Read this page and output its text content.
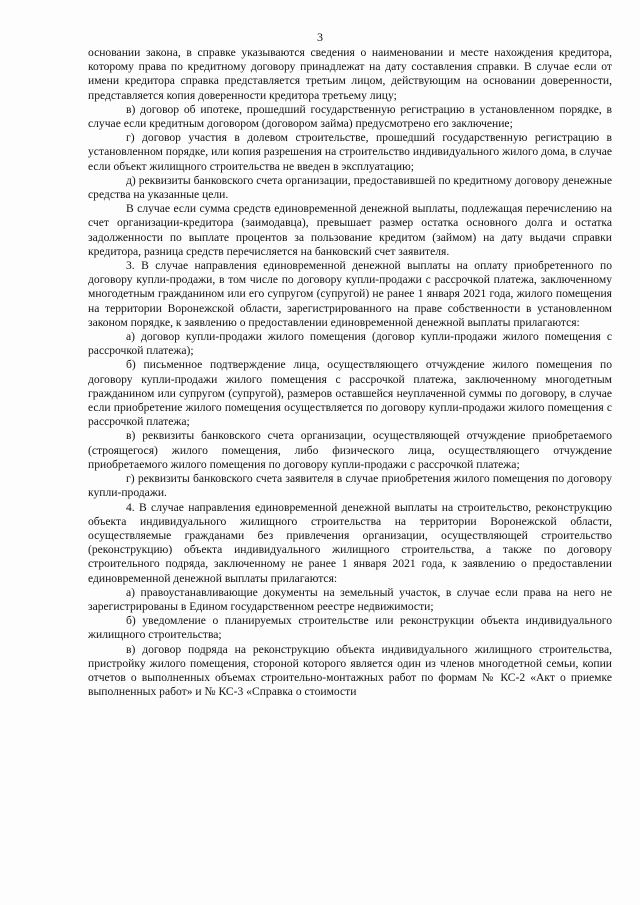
3

основании закона, в справке указываются сведения о наименовании и месте нахождения кредитора, которому права по кредитному договору принадлежат на дату составления справки. В случае если от имени кредитора справка представляется третьим лицом, действующим на основании доверенности, представляется копия доверенности кредитора третьему лицу;

в) договор об ипотеке, прошедший государственную регистрацию в установленном порядке, в случае если кредитным договором (договором займа) предусмотрено его заключение;

г) договор участия в долевом строительстве, прошедший государственную регистрацию в установленном порядке, или копия разрешения на строительство индивидуального жилого дома, в случае если объект жилищного строительства не введен в эксплуатацию;

д) реквизиты банковского счета организации, предоставившей по кредитному договору денежные средства на указанные цели.

В случае если сумма средств единовременной денежной выплаты, подлежащая перечислению на счет организации-кредитора (заимодавца), превышает размер остатка основного долга и остатка задолженности по выплате процентов за пользование кредитом (займом) на дату выдачи справки кредитора, разница средств перечисляется на банковский счет заявителя.

3. В случае направления единовременной денежной выплаты на оплату приобретенного по договору купли-продажи, в том числе по договору купли-продажи с рассрочкой платежа, заключенному многодетным гражданином или его супругом (супругой) не ранее 1 января 2021 года, жилого помещения на территории Воронежской области, зарегистрированного на праве собственности в установленном законом порядке, к заявлению о предоставлении единовременной денежной выплаты прилагаются:

а) договор купли-продажи жилого помещения (договор купли-продажи жилого помещения с рассрочкой платежа);

б) письменное подтверждение лица, осуществляющего отчуждение жилого помещения по договору купли-продажи жилого помещения с рассрочкой платежа, заключенному многодетным гражданином или супругом (супругой), размеров оставшейся неуплаченной суммы по договору, в случае если приобретение жилого помещения осуществляется по договору купли-продажи жилого помещения с рассрочкой платежа;

в) реквизиты банковского счета организации, осуществляющей отчуждение приобретаемого (строящегося) жилого помещения, либо физического лица, осуществляющего отчуждение приобретаемого жилого помещения по договору купли-продажи с рассрочкой платежа;

г) реквизиты банковского счета заявителя в случае приобретения жилого помещения по договору купли-продажи.

4. В случае направления единовременной денежной выплаты на строительство, реконструкцию объекта индивидуального жилищного строительства на территории Воронежской области, осуществляемые гражданами без привлечения организации, осуществляющей строительство (реконструкцию) объекта индивидуального жилищного строительства, а также по договору строительного подряда, заключенному не ранее 1 января 2021 года, к заявлению о предоставлении единовременной денежной выплаты прилагаются:

а) правоустанавливающие документы на земельный участок, в случае если права на него не зарегистрированы в Едином государственном реестре недвижимости;

б) уведомление о планируемых строительстве или реконструкции объекта индивидуального жилищного строительства;

в) договор подряда на реконструкцию объекта индивидуального жилищного строительства, пристройку жилого помещения, стороной которого является один из членов многодетной семьи, копии отчетов о выполненных объемах строительно-монтажных работ по формам № КС-2 «Акт о приемке выполненных работ» и № КС-3 «Справка о стоимости
